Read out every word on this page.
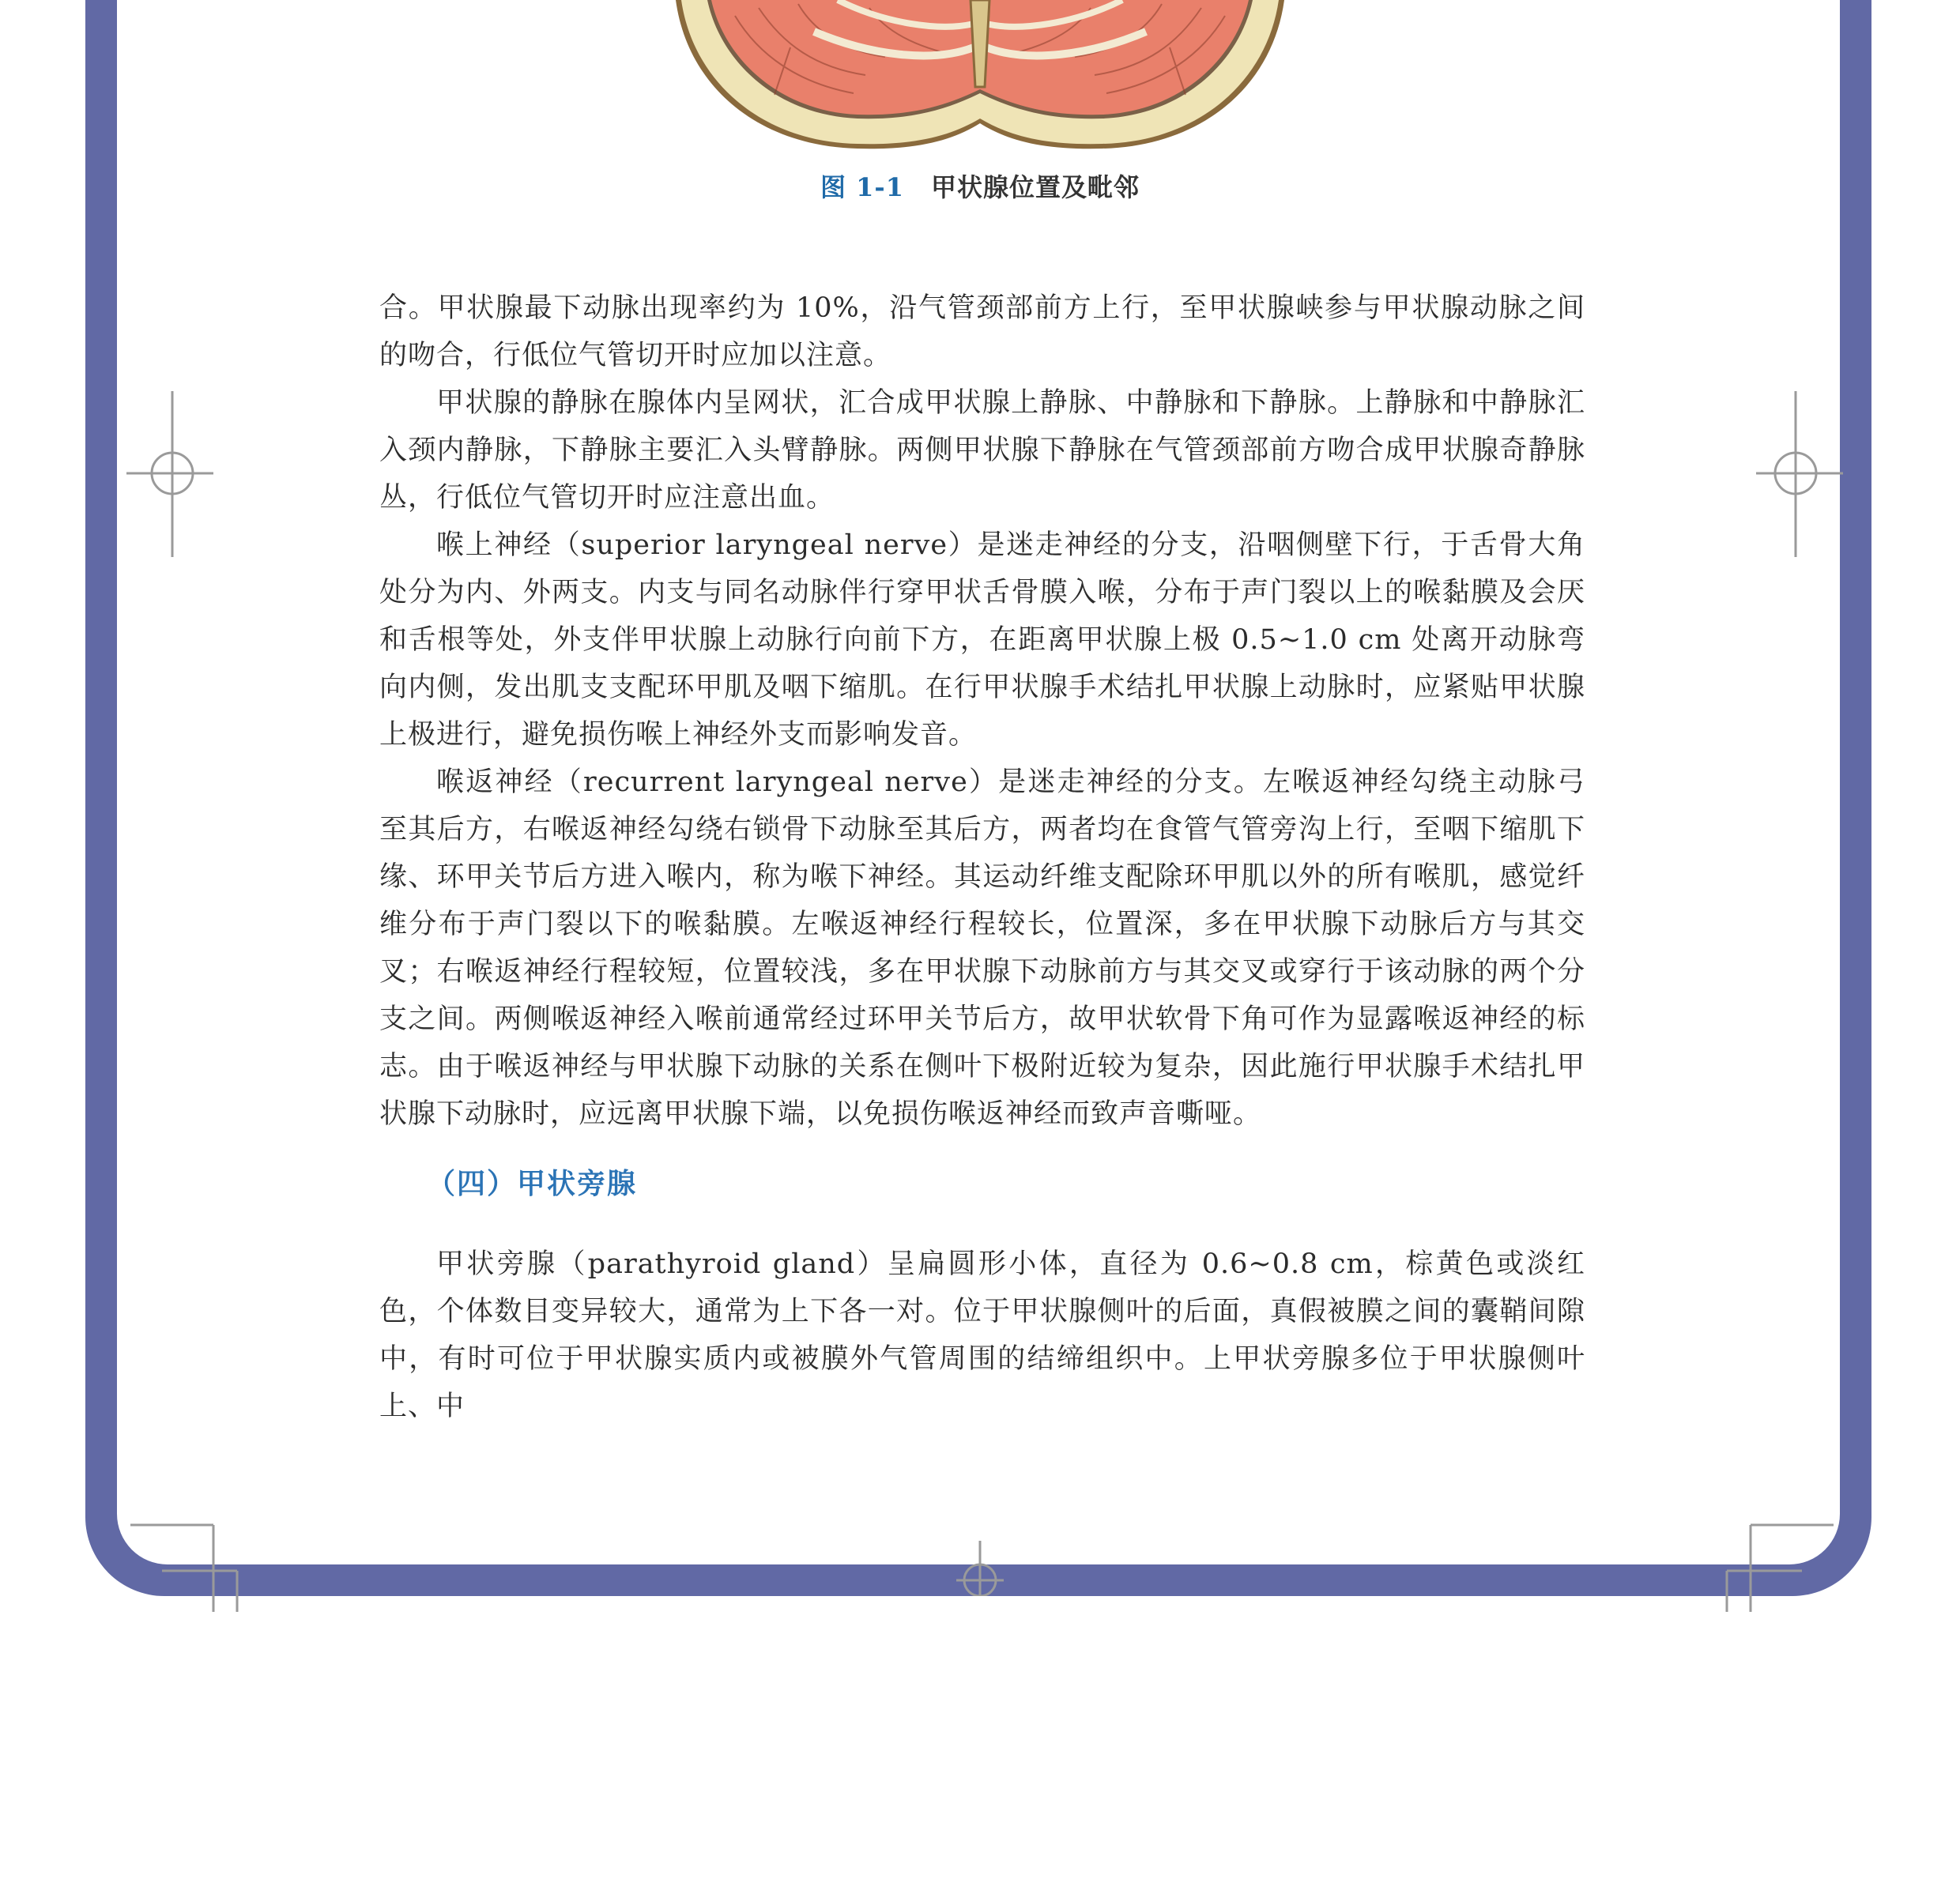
图 1-1 甲状腺位置及毗邻

合。甲状腺最下动脉出现率约为 10%，沿气管颈部前方上行，至甲状腺峡参与甲状腺动脉之间的吻合，行低位气管切开时应加以注意。

甲状腺的静脉在腺体内呈网状，汇合成甲状腺上静脉、中静脉和下静脉。上静脉和中静脉汇入颈内静脉，下静脉主要汇入头臂静脉。两侧甲状腺下静脉在气管颈部前方吻合成甲状腺奇静脉丛，行低位气管切开时应注意出血。

喉上神经（superior laryngeal nerve）是迷走神经的分支，沿咽侧壁下行，于舌骨大角处分为内、外两支。内支与同名动脉伴行穿甲状舌骨膜入喉，分布于声门裂以上的喉黏膜及会厌和舌根等处，外支伴甲状腺上动脉行向前下方，在距离甲状腺上极 0.5~1.0 cm 处离开动脉弯向内侧，发出肌支支配环甲肌及咽下缩肌。在行甲状腺手术结扎甲状腺上动脉时，应紧贴甲状腺上极进行，避免损伤喉上神经外支而影响发音。

喉返神经（recurrent laryngeal nerve）是迷走神经的分支。左喉返神经勾绕主动脉弓至其后方，右喉返神经勾绕右锁骨下动脉至其后方，两者均在食管气管旁沟上行，至咽下缩肌下缘、环甲关节后方进入喉内，称为喉下神经。其运动纤维支配除环甲肌以外的所有喉肌，感觉纤维分布于声门裂以下的喉黏膜。左喉返神经行程较长，位置深，多在甲状腺下动脉后方与其交叉；右喉返神经行程较短，位置较浅，多在甲状腺下动脉前方与其交叉或穿行于该动脉的两个分支之间。两侧喉返神经入喉前通常经过环甲关节后方，故甲状软骨下角可作为显露喉返神经的标志。由于喉返神经与甲状腺下动脉的关系在侧叶下极附近较为复杂，因此施行甲状腺手术结扎甲状腺下动脉时，应远离甲状腺下端，以免损伤喉返神经而致声音嘶哑。

（四）甲状旁腺

甲状旁腺（parathyroid gland）呈扁圆形小体，直径为 0.6~0.8 cm，棕黄色或淡红色，个体数目变异较大，通常为上下各一对。位于甲状腺侧叶的后面，真假被膜之间的囊鞘间隙中，有时可位于甲状腺实质内或被膜外气管周围的结缔组织中。上甲状旁腺多位于甲状腺侧叶上、中
